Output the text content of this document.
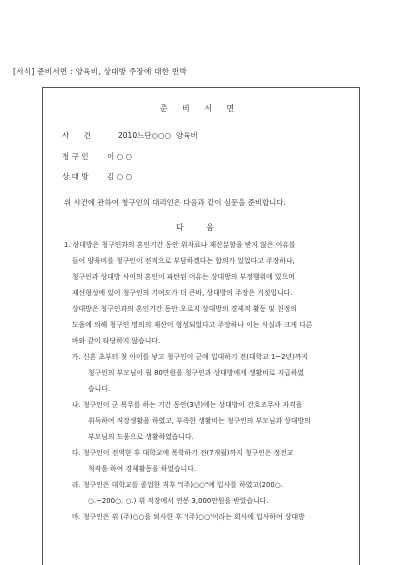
[서식] 준비서면 : 양육비, 상대방 주장에 대한 반박
준 비 서 면
사      건	2010느단○○○  양육비
청 구 인 이 ○ ○
상 대 방 김 ○ ○
위 사건에 관하여 청구인의 대리인은 다음과 같이 심문을 준비합니다.
다 음
1. 상대방은 청구인과의 혼인기간 동안 위자료나 재산분할을 받지 않은 이유를
들어 양육비를 청구인이 전적으로 부담하겠다는 합의가 있었다고 주장하나,
청구인과 상대방 사이의 혼인이 파탄된 이유는 상대방의 부정행위에 있으며
재산형성에 있어 청구인의 기여도가 더 큰바, 상대방의 주장은 거짓입니다.
상대방은 청구인과의 혼인기간 동안 오로지 상대방의 경제적 활동 및 친정의
도움에 의해 청구인 명의의 재산이 형성되었다고 주장하나 이는 사실과 크게 다른
바와 같이 타당하지 않습니다.
가. 신혼 초부터 첫 아이를 낳고 청구인이 군에 입대하기 전(대학교 1~2년)까지
청구인의 부모님이 월 80만원을 청구인과 상대방에게 생활비로 지급하였
습니다.
나. 청구인이 군 복무를 하는 기간 동안(3년)에는 상대방이 간호조무사 자격을
취득하여 직장생활을 하였고, 부족한 생활비는 청구인의 부모님과 상대방의
부모님의 도움으로 생활하였습니다.
다. 청구인이 전역한 후 대학교에 복학하기 전(7개월)까지 청구인은 정전교
척작을 하여 경제활동을 하였습니다.
라. 청구인은 대학교를 졸업한 직후 "(주)○○"에 입사를 하였고(200○.
○.~200○. ○.) 위 직장에서 연봉 3,000만원을 받았습니다.
마. 청구인은 위 (주)○○을 퇴사한 후 '(주)○○'이라는 회사에 입사하여 상대방
